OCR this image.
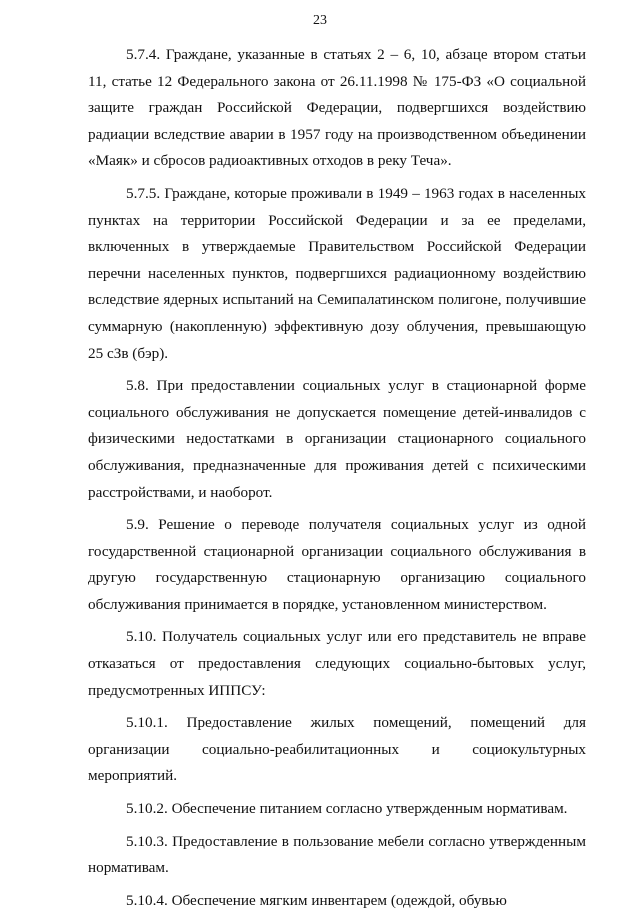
23

5.7.4. Граждане, указанные в статьях 2 – 6, 10, абзаце втором статьи 11, статье 12 Федерального закона от 26.11.1998 № 175-ФЗ «О социальной защите граждан Российской Федерации, подвергшихся воздействию радиации вследствие аварии в 1957 году на производственном объединении «Маяк» и сбросов радиоактивных отходов в реку Теча».

5.7.5. Граждане, которые проживали в 1949 – 1963 годах в населенных пунктах на территории Российской Федерации и за ее пределами, включенных в утверждаемые Правительством Российской Федерации перечни населенных пунктов, подвергшихся радиационному воздействию вследствие ядерных испытаний на Семипалатинском полигоне, получившие суммарную (накопленную) эффективную дозу облучения, превышающую 25 сЗв (бэр).

5.8. При предоставлении социальных услуг в стационарной форме социального обслуживания не допускается помещение детей-инвалидов с физическими недостатками в организации стационарного социального обслуживания, предназначенные для проживания детей с психическими расстройствами, и наоборот.

5.9. Решение о переводе получателя социальных услуг из одной государственной стационарной организации социального обслуживания в другую государственную стационарную организацию социального обслуживания принимается в порядке, установленном министерством.

5.10. Получатель социальных услуг или его представитель не вправе отказаться от предоставления следующих социально-бытовых услуг, предусмотренных ИППСУ:

5.10.1. Предоставление жилых помещений, помещений для организации социально-реабилитационных и социокультурных мероприятий.

5.10.2. Обеспечение питанием согласно утвержденным нормативам.

5.10.3. Предоставление в пользование мебели согласно утвержденным нормативам.

5.10.4. Обеспечение мягким инвентарем (одеждой, обувью
